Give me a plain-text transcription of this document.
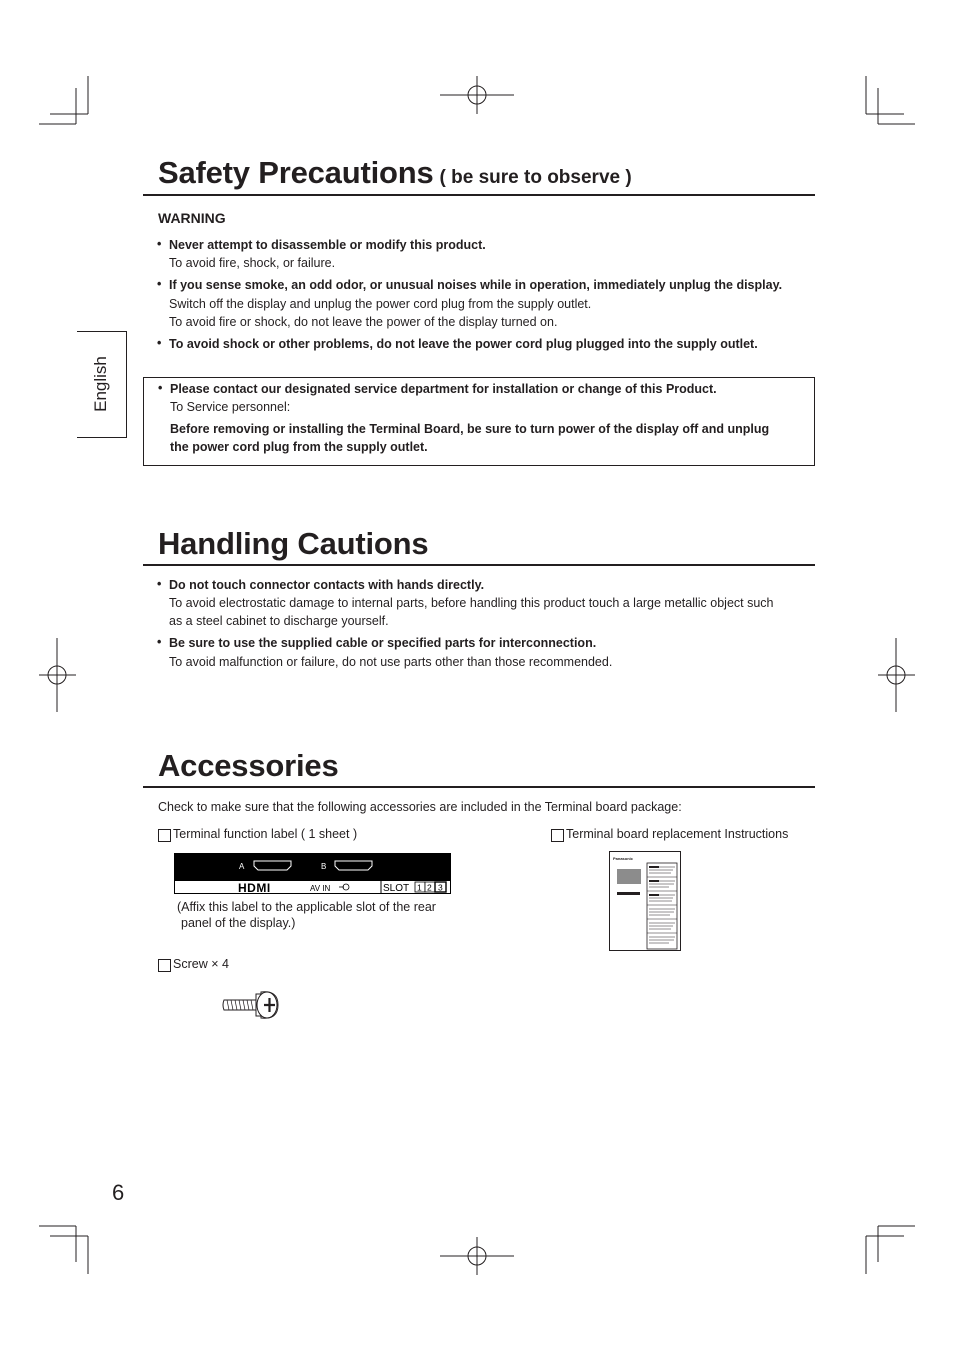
English
Safety Precautions ( be sure to observe )
WARNING
• Never attempt to disassemble or modify this product.
To avoid fire, shock, or failure.
• If you sense smoke, an odd odor, or unusual noises while in operation, immediately unplug the display.
Switch off the display and unplug the power cord plug from the supply outlet.
To avoid fire or shock, do not leave the power of the display turned on.
• To avoid shock or other problems, do not leave the power cord plug plugged into the supply outlet.
• Please contact our designated service department for installation or change of this Product.
To Service personnel:
Before removing or installing the Terminal Board, be sure to turn power of the display off and unplug
the power cord plug from the supply outlet.
Handling Cautions
• Do not touch connector contacts with hands directly.
To avoid electrostatic damage to internal parts, before handling this product touch a large metallic object such
as a steel cabinet to discharge yourself.
• Be sure to use the supplied cable or specified parts for interconnection.
To avoid malfunction or failure, do not use parts other than those recommended.
Accessories
Check to make sure that the following accessories are included in the Terminal board package:
Terminal function label ( 1 sheet )	Terminal board replacement Instructions
A	B
HDMI	AV IN	SLOT 1 2 3
(Affix this label to the applicable slot of the rear
panel of the display.)
Panasonic
Screw × 4
6
